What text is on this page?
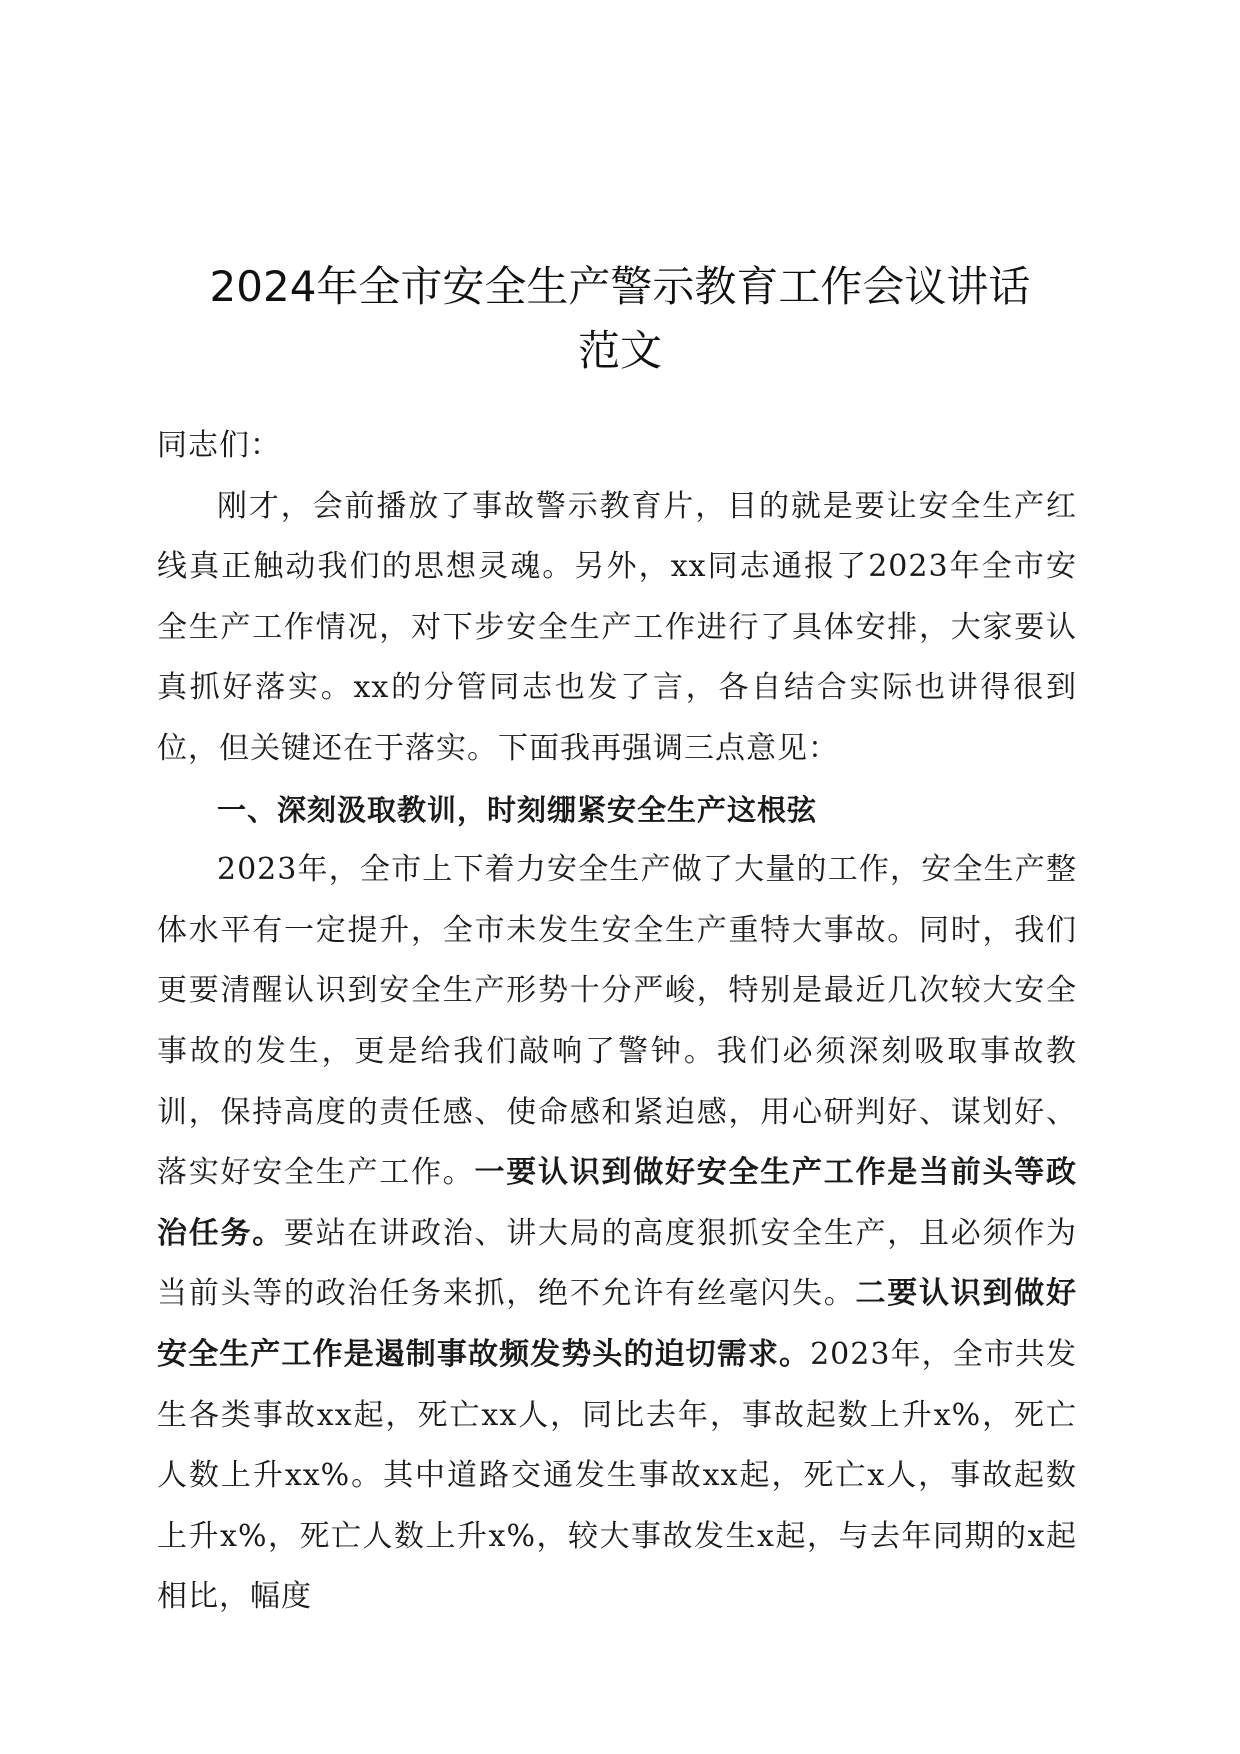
2024年全市安全生产警示教育工作会议讲话
范文

同志们：

刚才，会前播放了事故警示教育片，目的就是要让安全生产红线真正触动我们的思想灵魂。另外，xx同志通报了2023年全市安全生产工作情况，对下步安全生产工作进行了具体安排，大家要认真抓好落实。xx的分管同志也发了言，各自结合实际也讲得很到位，但关键还在于落实。下面我再强调三点意见：

一、深刻汲取教训，时刻绷紧安全生产这根弦

2023年，全市上下着力安全生产做了大量的工作，安全生产整体水平有一定提升，全市未发生安全生产重特大事故。同时，我们更要清醒认识到安全生产形势十分严峻，特别是最近几次较大安全事故的发生，更是给我们敲响了警钟。我们必须深刻吸取事故教训，保持高度的责任感、使命感和紧迫感，用心研判好、谋划好、落实好安全生产工作。一要认识到做好安全生产工作是当前头等政治任务。要站在讲政治、讲大局的高度狠抓安全生产，且必须作为当前头等的政治任务来抓，绝不允许有丝毫闪失。二要认识到做好安全生产工作是遏制事故频发势头的迫切需求。2023年，全市共发生各类事故xx起，死亡xx人，同比去年，事故起数上升x%，死亡人数上升xx%。其中道路交通发生事故xx起，死亡x人，事故起数上升x%，死亡人数上升x%，较大事故发生x起，与去年同期的x起相比，幅度
